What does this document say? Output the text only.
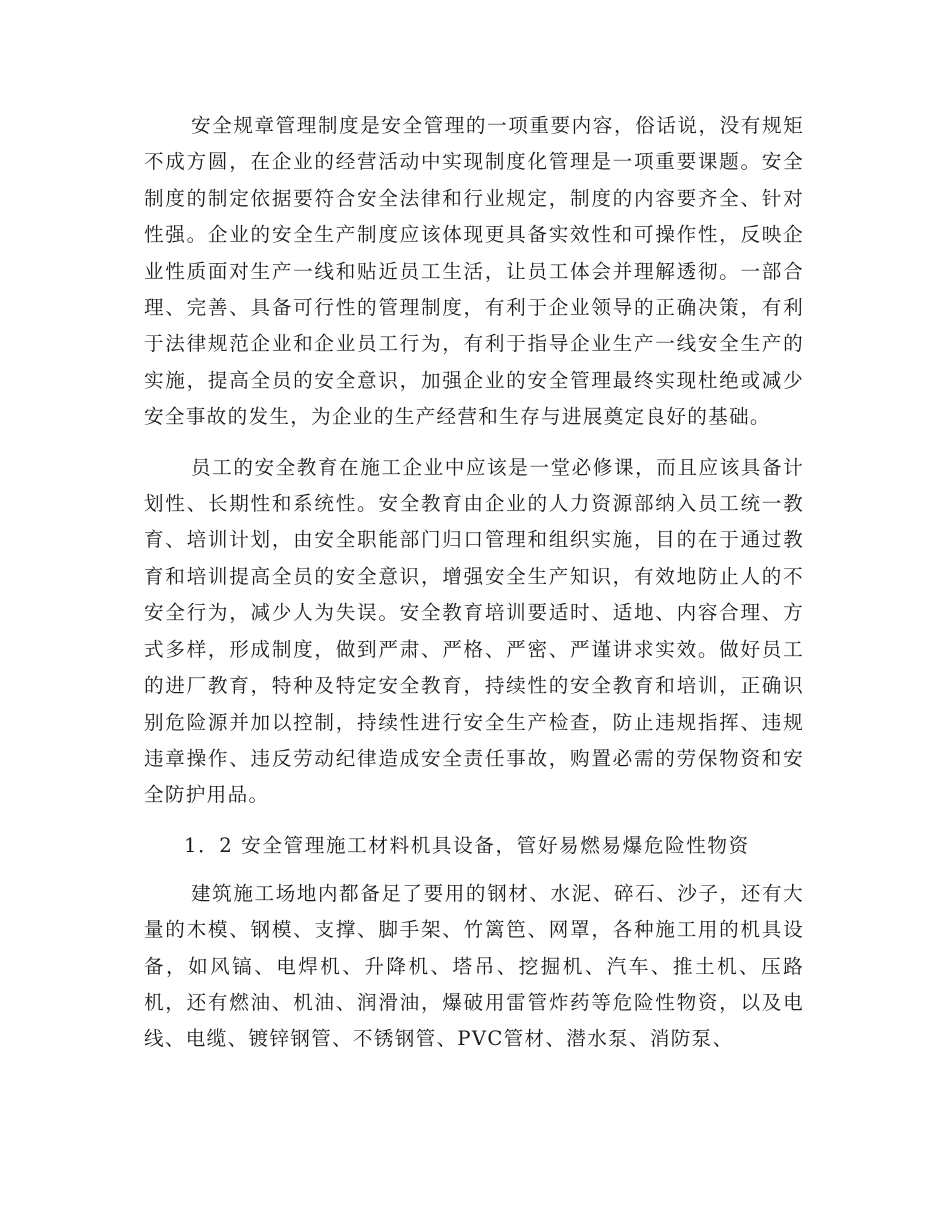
安全规章管理制度是安全管理的一项重要内容，俗话说，没有规矩不成方圆，在企业的经营活动中实现制度化管理是一项重要课题。安全制度的制定依据要符合安全法律和行业规定，制度的内容要齐全、针对性强。企业的安全生产制度应该体现更具备实效性和可操作性，反映企业性质面对生产一线和贴近员工生活，让员工体会并理解透彻。一部合理、完善、具备可行性的管理制度，有利于企业领导的正确决策，有利于法律规范企业和企业员工行为，有利于指导企业生产一线安全生产的实施，提高全员的安全意识，加强企业的安全管理最终实现杜绝或减少安全事故的发生，为企业的生产经营和生存与进展奠定良好的基础。

员工的安全教育在施工企业中应该是一堂必修课，而且应该具备计划性、长期性和系统性。安全教育由企业的人力资源部纳入员工统一教育、培训计划，由安全职能部门归口管理和组织实施，目的在于通过教育和培训提高全员的安全意识，增强安全生产知识，有效地防止人的不安全行为，减少人为失误。安全教育培训要适时、适地、内容合理、方式多样，形成制度，做到严肃、严格、严密、严谨讲求实效。做好员工的进厂教育，特种及特定安全教育，持续性的安全教育和培训，正确识别危险源并加以控制，持续性进行安全生产检查，防止违规指挥、违规违章操作、违反劳动纪律造成安全责任事故，购置必需的劳保物资和安全防护用品。

1．2 安全管理施工材料机具设备，管好易燃易爆危险性物资

建筑施工场地内都备足了要用的钢材、水泥、碎石、沙子，还有大量的木模、钢模、支撑、脚手架、竹篱笆、网罩，各种施工用的机具设备，如风镐、电焊机、升降机、塔吊、挖掘机、汽车、推土机、压路机，还有燃油、机油、润滑油，爆破用雷管炸药等危险性物资，以及电线、电缆、镀锌钢管、不锈钢管、PVC管材、潜水泵、消防泵、
